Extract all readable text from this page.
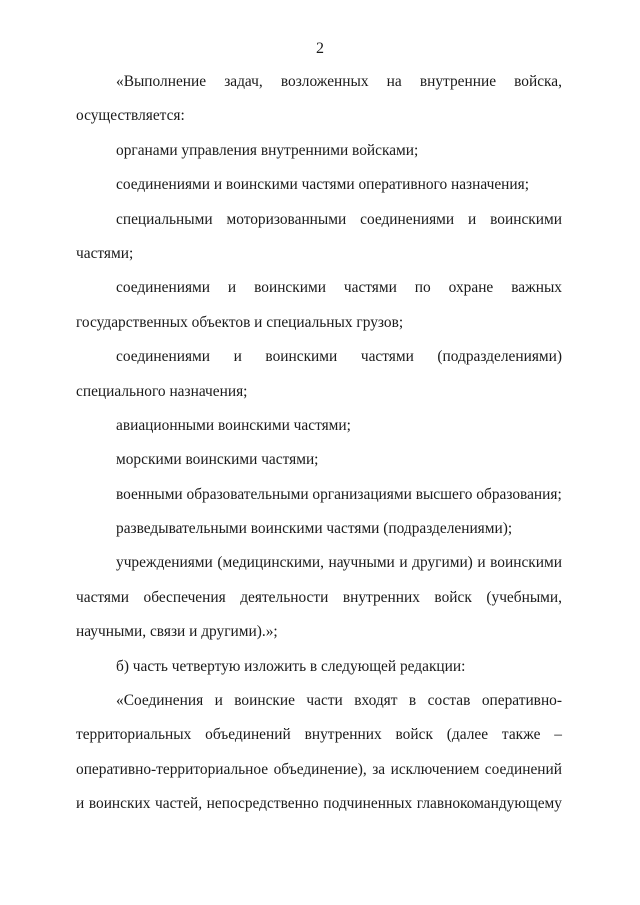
2
«Выполнение задач, возложенных на внутренние войска,
осуществляется:
органами управления внутренними войсками;
соединениями и воинскими частями оперативного назначения;
специальными моторизованными соединениями и воинскими
частями;
соединениями и воинскими частями по охране важных
государственных объектов и специальных грузов;
соединениями и воинскими частями (подразделениями)
специального назначения;
авиационными воинскими частями;
морскими воинскими частями;
военными образовательными организациями высшего образования;
разведывательными воинскими частями (подразделениями);
учреждениями (медицинскими, научными и другими) и воинскими
частями обеспечения деятельности внутренних войск (учебными,
научными, связи и другими).»;
б) часть четвертую изложить в следующей редакции:
«Соединения и воинские части входят в состав оперативно-
территориальных объединений внутренних войск (далее также –
оперативно-территориальное объединение), за исключением соединений
и воинских частей, непосредственно подчиненных главнокомандующему
